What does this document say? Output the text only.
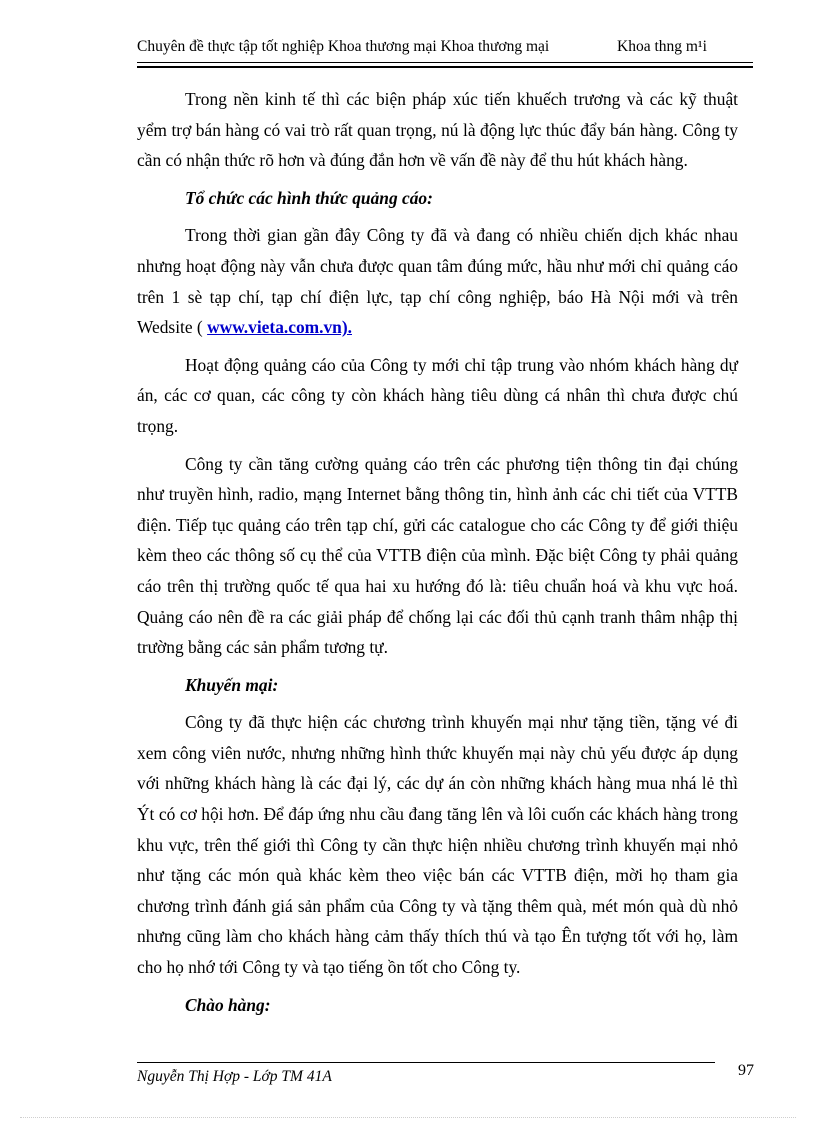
Chuyên đề thực tập tốt nghiệp Khoa thương mại Khoa thương mại	Khoa thng m¹i

Trong nền kinh tế thì các biện pháp xúc tiến khuếch trương và các kỹ thuật yểm trợ bán hàng có vai trò rất quan trọng, nú là động lực thúc đẩy bán hàng. Công ty cần có nhận thức rõ hơn và đúng đắn hơn về vấn đề này để thu hút khách hàng.

Tổ chức các hình thức quảng cáo:

Trong thời gian gần đây Công ty đã và đang có nhiều chiến dịch khác nhau nhưng hoạt động này vẫn chưa được quan tâm đúng mức, hầu như mới chỉ quảng cáo trên 1 sè tạp chí, tạp chí điện lực, tạp chí công nghiệp, báo Hà Nội mới và trên Wedsite ( www.vieta.com.vn).

Hoạt động quảng cáo của Công ty mới chỉ tập trung vào nhóm khách hàng dự án, các cơ quan, các công ty còn khách hàng tiêu dùng cá nhân thì chưa được chú trọng.

Công ty cần tăng cường quảng cáo trên các phương tiện thông tin đại chúng như truyền hình, radio, mạng Internet bằng thông tin, hình ảnh các chi tiết của VTTB điện. Tiếp tục quảng cáo trên tạp chí, gửi các catalogue cho các Công ty để giới thiệu kèm theo các thông số cụ thể của VTTB điện của mình. Đặc biệt Công ty phải quảng cáo trên thị trường quốc tế qua hai xu hướng đó là: tiêu chuẩn hoá và khu vực hoá. Quảng cáo nên đề ra các giải pháp để chống lại các đối thủ cạnh tranh thâm nhập thị trường bằng các sản phẩm tương tự.

Khuyến mại:

Công ty đã thực hiện các chương trình khuyến mại như tặng tiền, tặng vé đi xem công viên nước, nhưng những hình thức khuyến mại này chủ yếu được áp dụng với những khách hàng là các đại lý, các dự án còn những khách hàng mua nhá lẻ thì Ýt có cơ hội hơn. Để đáp ứng nhu cầu đang tăng lên và lôi cuốn các khách hàng trong khu vực, trên thế giới thì Công ty cần thực hiện nhiều chương trình khuyến mại nhỏ như tặng các món quà khác kèm theo việc bán các VTTB điện, mời họ tham gia chương trình đánh giá sản phẩm của Công ty và tặng thêm quà, mét món quà dù nhỏ nhưng cũng làm cho khách hàng cảm thấy thích thú và tạo Ên tượng tốt với họ, làm cho họ nhớ tới Công ty và tạo tiếng ồn tốt cho Công ty.

Chào hàng:

Nguyễn Thị Hợp - Lớp TM 41A	97
